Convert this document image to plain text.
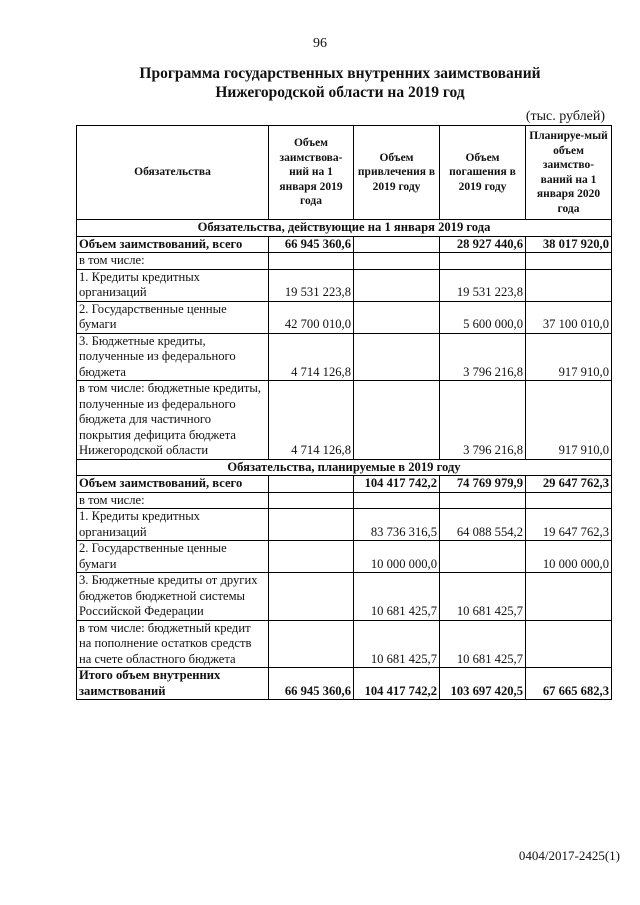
96
Программа государственных внутренних заимствований
Нижегородской области на 2019 год
(тыс. рублей)
Обязательства	Объем заимствова-ний на 1 января 2019 года	Объем привлечения в 2019 году	Объем погашения в 2019 году	Планируе-мый объем заимство-ваний на 1 января 2020 года
Обязательства, действующие на 1 января 2019 года				
Объем заимствований, всего	66 945 360,6		28 927 440,6	38 017 920,0
в том числе:				
1. Кредиты кредитных организаций	19 531 223,8		19 531 223,8	
2. Государственные ценные бумаги	42 700 010,0		5 600 000,0	37 100 010,0
3. Бюджетные кредиты, полученные из федерального бюджета	4 714 126,8		3 796 216,8	917 910,0
в том числе: бюджетные кредиты, полученные из федерального бюджета для частичного покрытия дефицита бюджета Нижегородской области	4 714 126,8		3 796 216,8	917 910,0
Обязательства, планируемые в 2019 году				
Объем заимствований, всего		104 417 742,2	74 769 979,9	29 647 762,3
в том числе:				
1. Кредиты кредитных организаций		83 736 316,5	64 088 554,2	19 647 762,3
2. Государственные ценные бумаги		10 000 000,0		10 000 000,0
3. Бюджетные кредиты от других бюджетов бюджетной системы Российской Федерации		10 681 425,7	10 681 425,7	
в том числе: бюджетный кредит на пополнение остатков средств на счете областного бюджета		10 681 425,7	10 681 425,7	
Итого объем внутренних заимствований	66 945 360,6	104 417 742,2	103 697 420,5	67 665 682,3
0404/2017-2425(1)
